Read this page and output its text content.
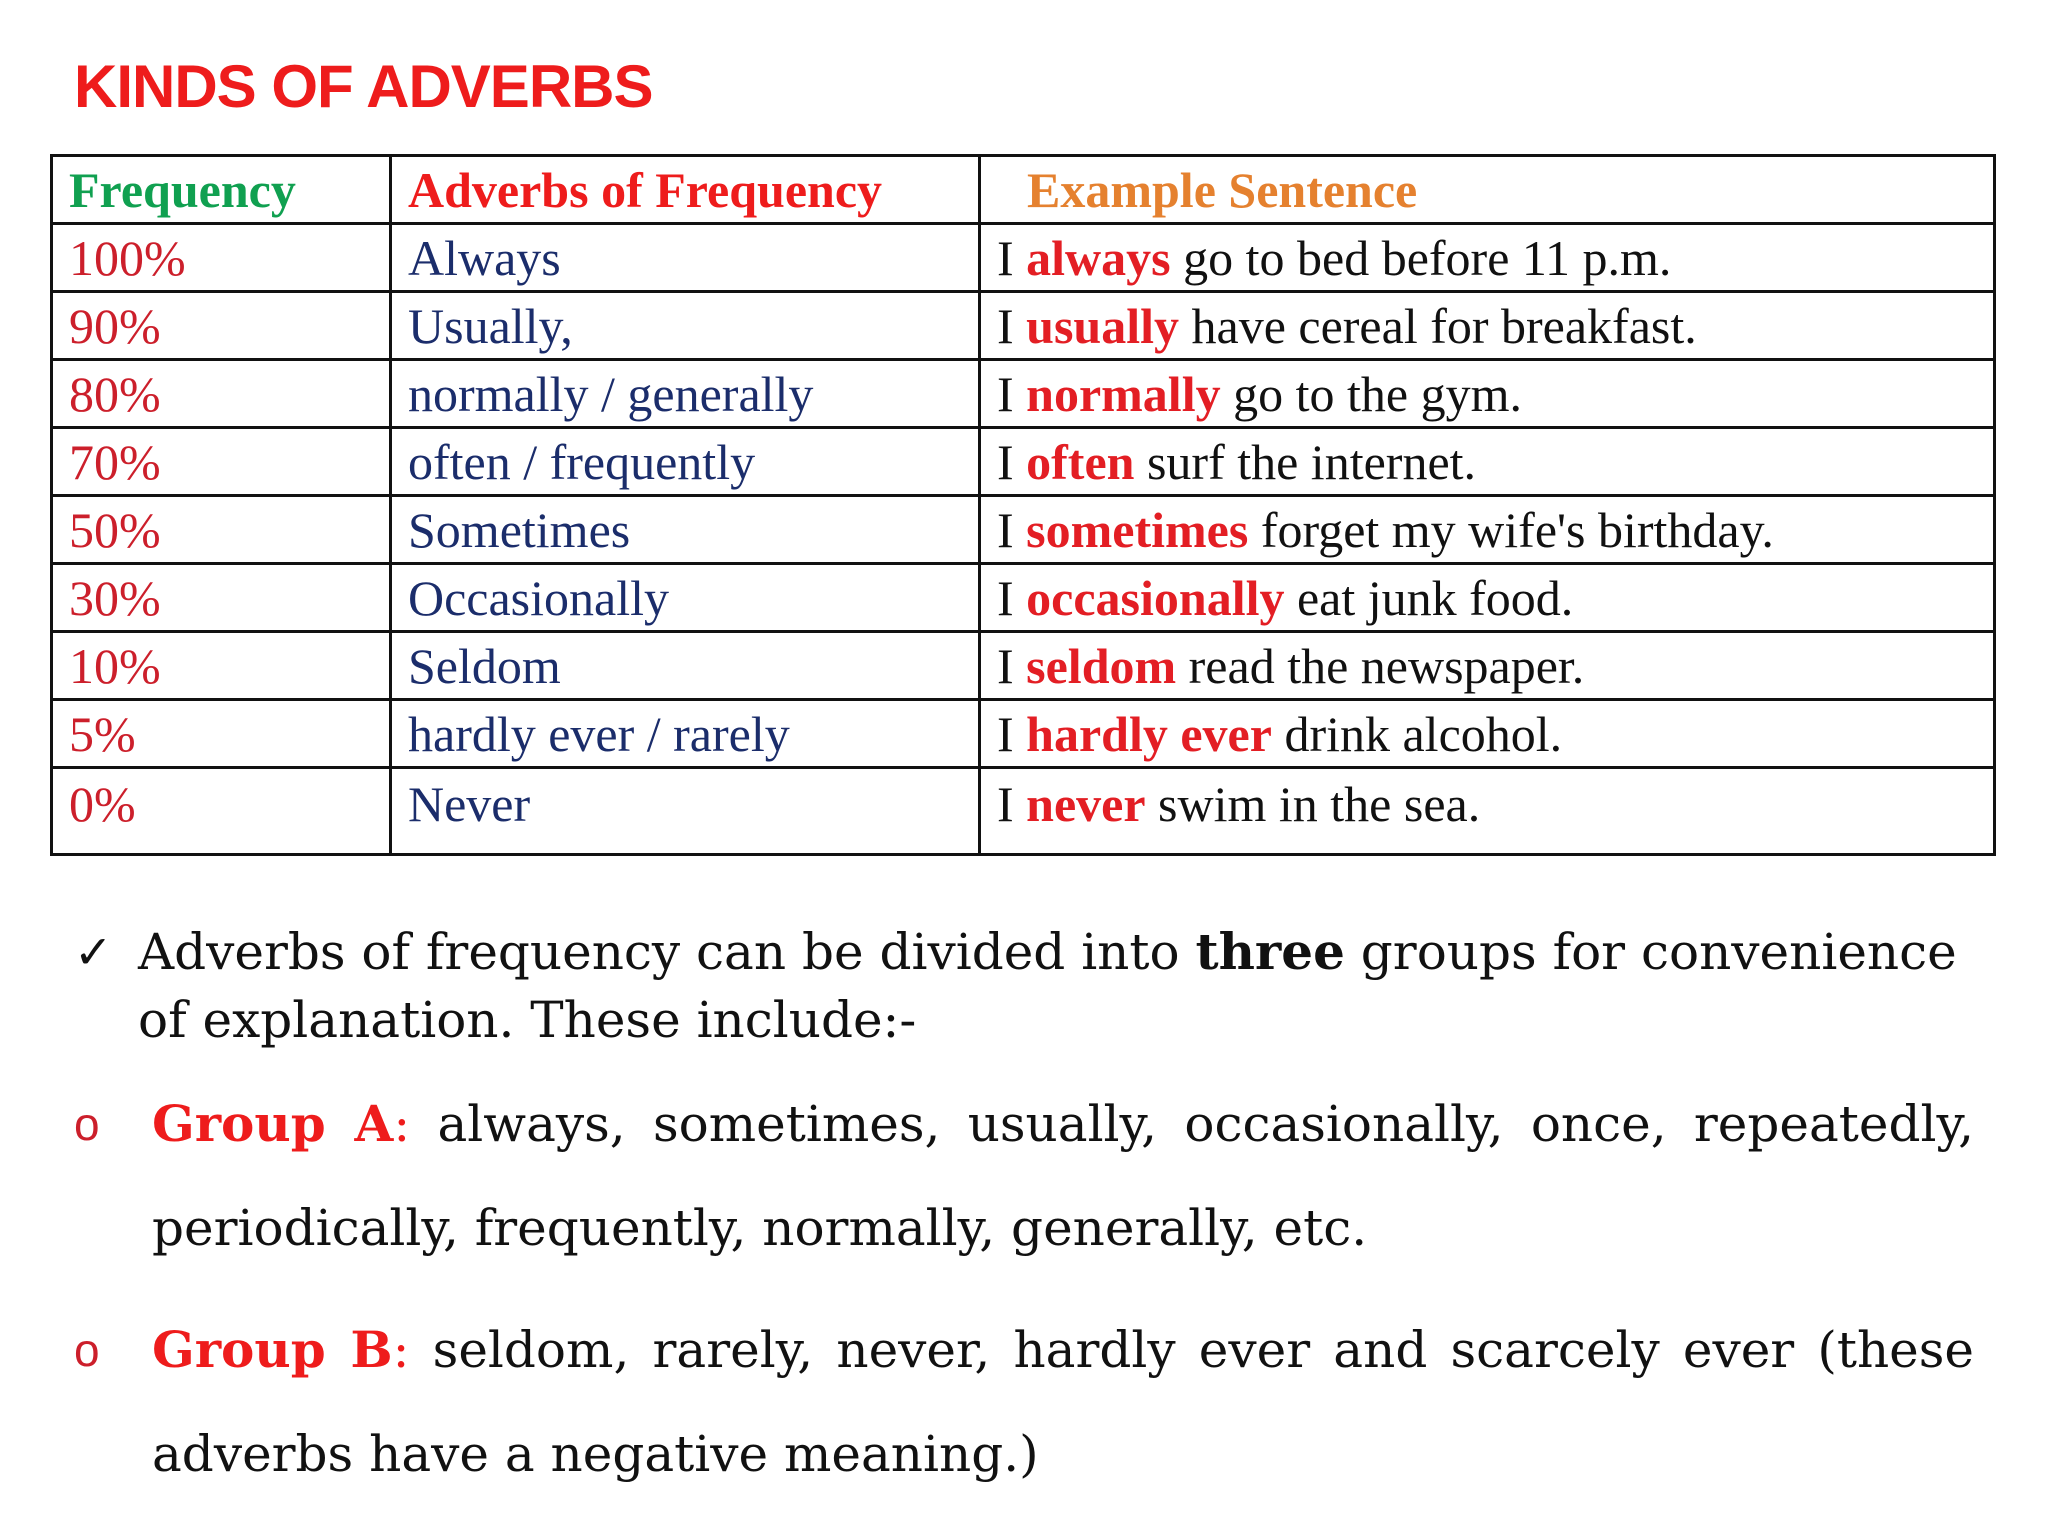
KINDS OF ADVERBS
Frequency	Adverbs of Frequency	Example Sentence
100%	Always	I always go to bed before 11 p.m.
90%	Usually,	I usually have cereal for breakfast.
80%	normally / generally	I normally go to the gym.
70%	often / frequently	I often surf the internet.
50%	Sometimes	I sometimes forget my wife's birthday.
30%	Occasionally	I occasionally eat junk food.
10%	Seldom	I seldom read the newspaper.
5%	hardly ever / rarely	I hardly ever drink alcohol.
0%	Never	I never swim in the sea.
✓ Adverbs of frequency can be divided into three groups for convenience of explanation. These include:-
o	Group A: always, sometimes, usually, occasionally, once, repeatedly, periodically, frequently, normally, generally, etc.
o	Group B: seldom, rarely, never, hardly ever and scarcely ever (these adverbs have a negative meaning.)
